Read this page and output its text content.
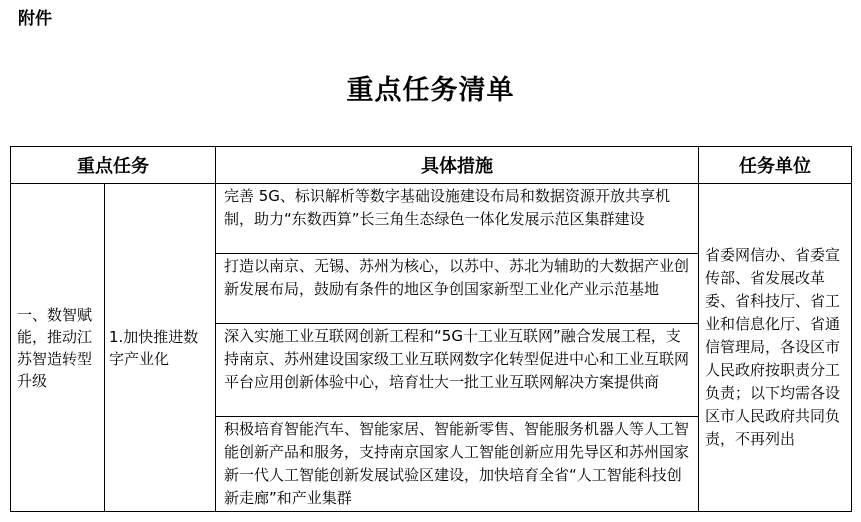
附件
重点任务清单
重点任务		具体措施	任务单位
一、数智赋能，推动江苏智造转型升级	1.加快推进数字产业化	完善 5G、标识解析等数字基础设施建设布局和数据资源开放共享机制，助力“东数西算”长三角生态绿色一体化发展示范区集群建设	省委网信办、省委宣传部、省发展改革委、省科技厅、省工业和信息化厅、省通信管理局，各设区市人民政府按职责分工负责；以下均需各设区市人民政府共同负责，不再列出
		打造以南京、无锡、苏州为核心，以苏中、苏北为辅助的大数据产业创新发展布局，鼓励有条件的地区争创国家新型工业化产业示范基地	
		深入实施工业互联网创新工程和“5G十工业互联网”融合发展工程，支持南京、苏州建设国家级工业互联网数字化转型促进中心和工业互联网平台应用创新体验中心，培育壮大一批工业互联网解决方案提供商	
		积极培育智能汽车、智能家居、智能新零售、智能服务机器人等人工智能创新产品和服务，支持南京国家人工智能创新应用先导区和苏州国家新一代人工智能创新发展试验区建设，加快培育全省“人工智能科技创新走廊”和产业集群	
